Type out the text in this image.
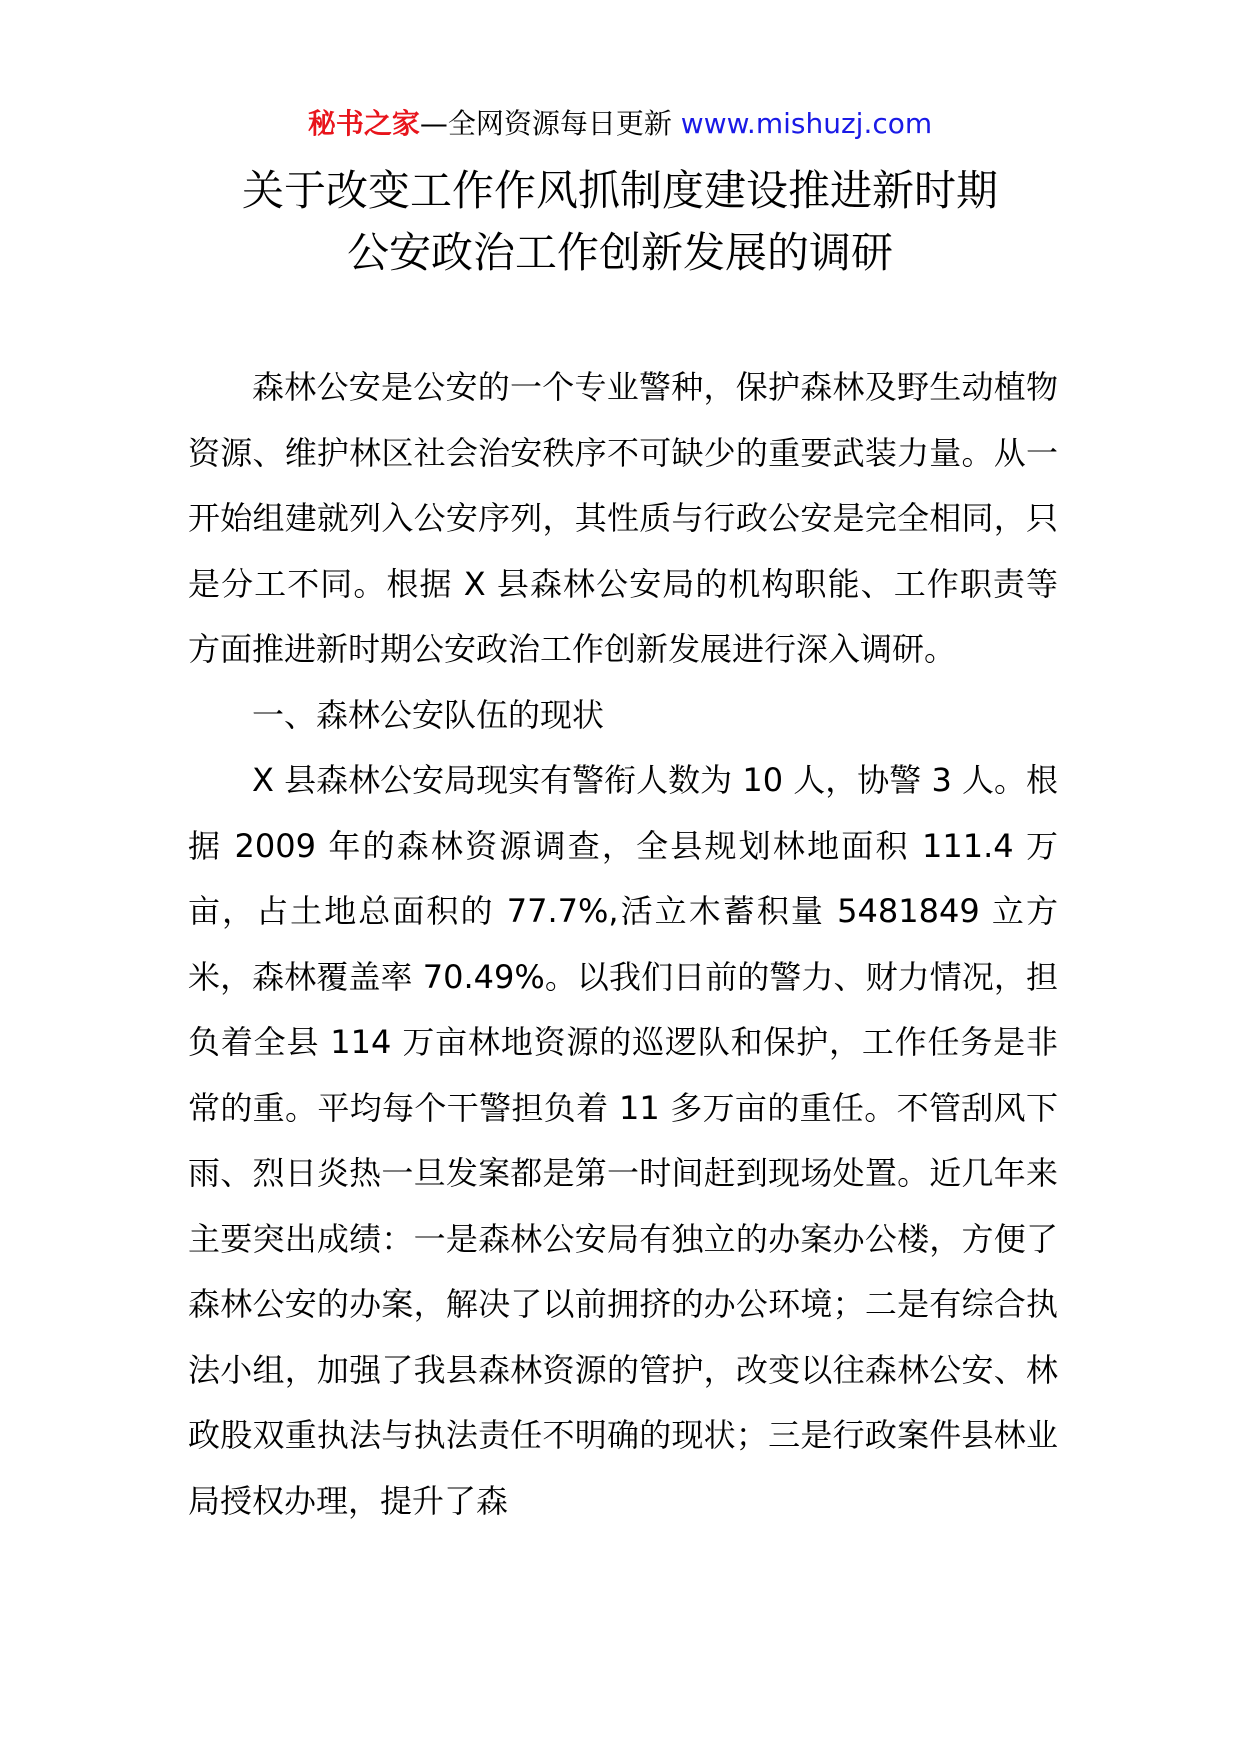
秘书之家—全网资源每日更新 www.mishuzj.com
关于改变工作作风抓制度建设推进新时期
公安政治工作创新发展的调研

森林公安是公安的一个专业警种，保护森林及野生动植物资源、维护林区社会治安秩序不可缺少的重要武装力量。从一开始组建就列入公安序列，其性质与行政公安是完全相同，只是分工不同。根据 X 县森林公安局的机构职能、工作职责等方面推进新时期公安政治工作创新发展进行深入调研。

一、森林公安队伍的现状

X 县森林公安局现实有警衔人数为 10 人，协警 3 人。根据 2009 年的森林资源调查，全县规划林地面积 111.4 万亩，占土地总面积的 77.7%,活立木蓄积量 5481849 立方米，森林覆盖率 70.49%。以我们日前的警力、财力情况，担负着全县 114 万亩林地资源的巡逻队和保护，工作任务是非常的重。平均每个干警担负着 11 多万亩的重任。不管刮风下雨、烈日炎热一旦发案都是第一时间赶到现场处置。近几年来主要突出成绩：一是森林公安局有独立的办案办公楼，方便了森林公安的办案，解决了以前拥挤的办公环境；二是有综合执法小组，加强了我县森林资源的管护，改变以往森林公安、林政股双重执法与执法责任不明确的现状；三是行政案件县林业局授权办理，提升了森
